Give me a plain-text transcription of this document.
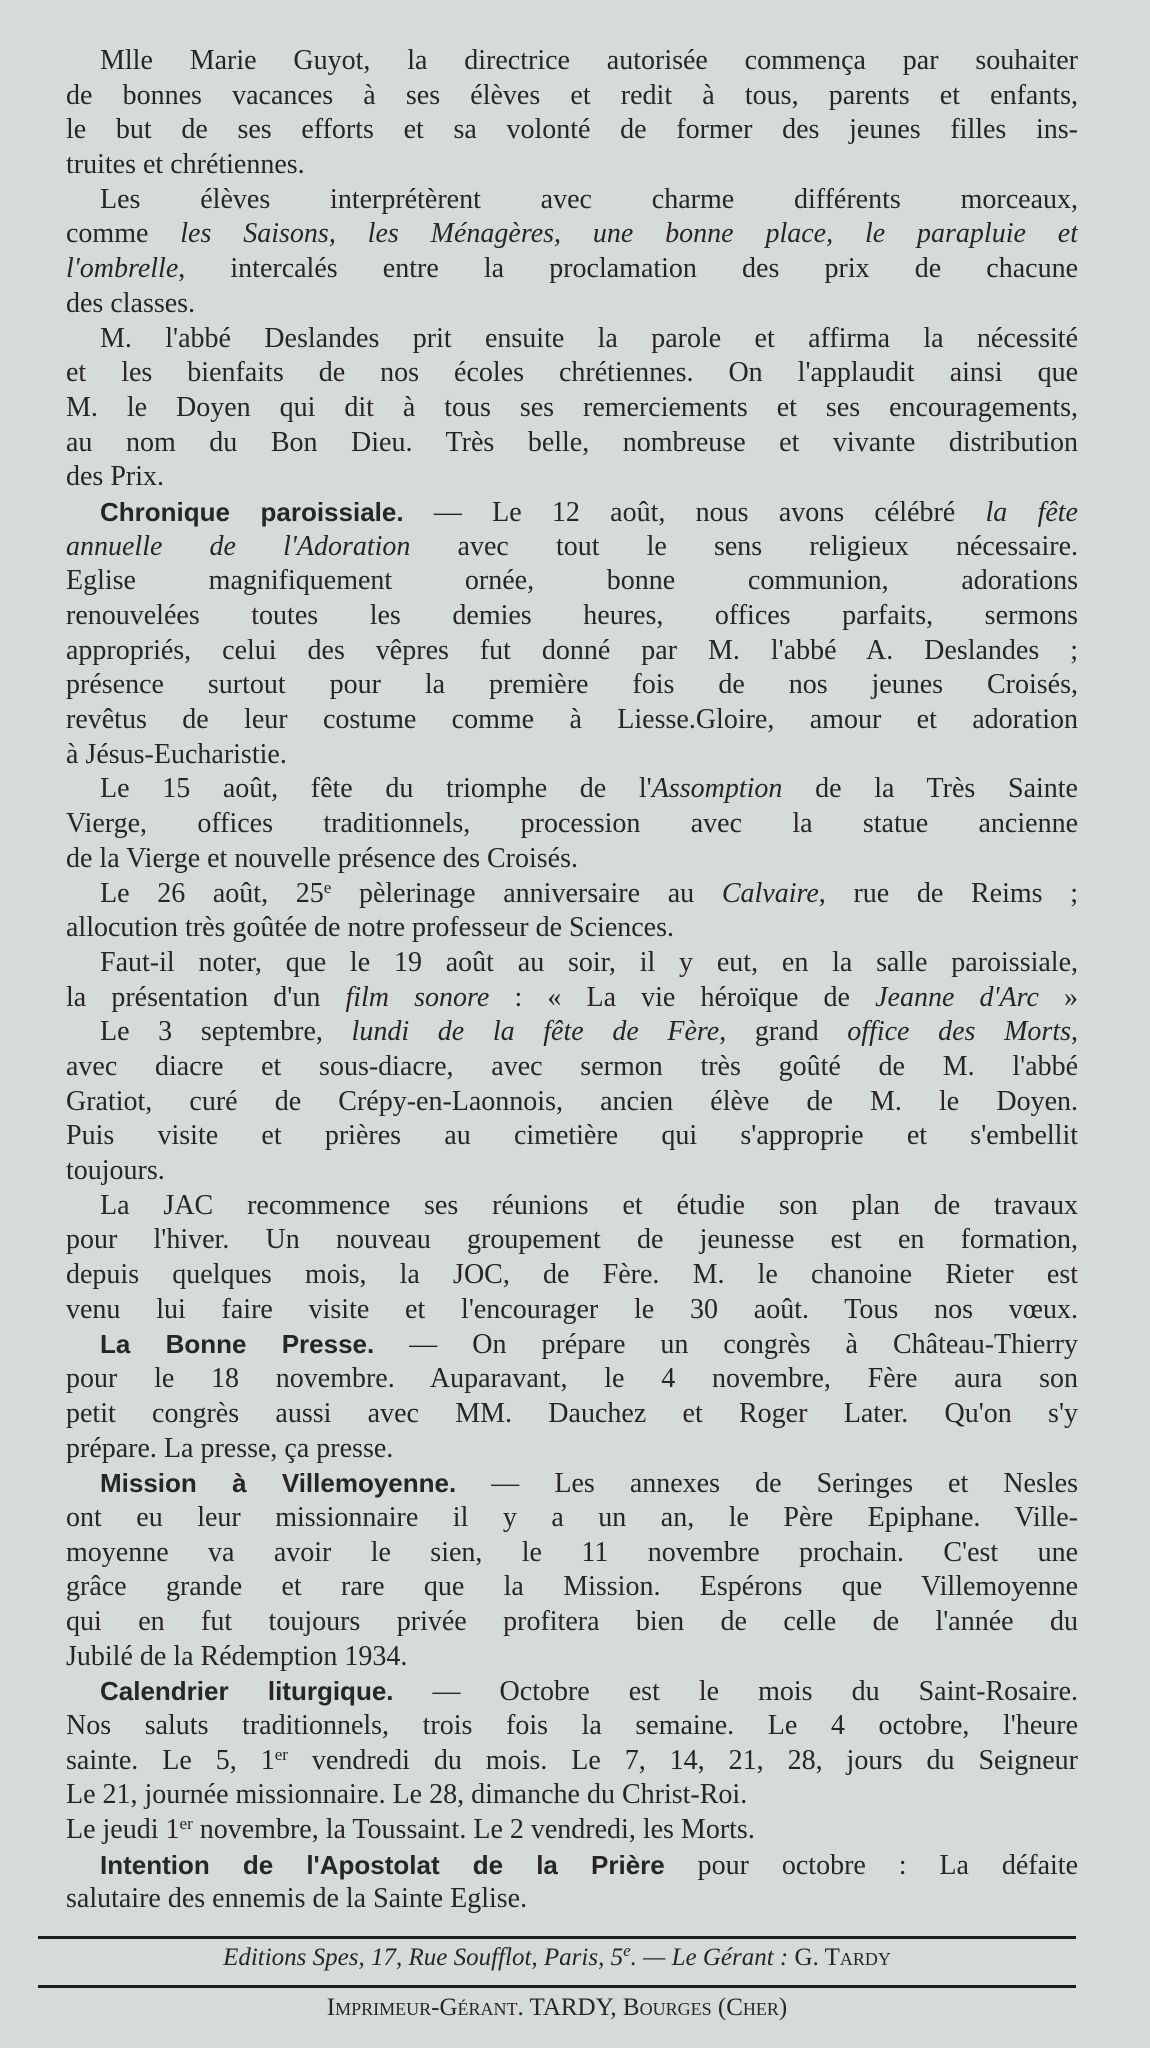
Mlle Marie Guyot, la directrice autorisée commença par souhaiter
de bonnes vacances à ses élèves et redit à tous, parents et enfants,
le but de ses efforts et sa volonté de former des jeunes filles ins-
truites et chrétiennes.
Les élèves interprétèrent avec charme différents morceaux,
comme les Saisons, les Ménagères, une bonne place, le parapluie et
l'ombrelle, intercalés entre la proclamation des prix de chacune
des classes.
M. l'abbé Deslandes prit ensuite la parole et affirma la nécessité
et les bienfaits de nos écoles chrétiennes. On l'applaudit ainsi que
M. le Doyen qui dit à tous ses remerciements et ses encouragements,
au nom du Bon Dieu. Très belle, nombreuse et vivante distribution
des Prix.
Chronique paroissiale. — Le 12 août, nous avons célébré la fête
annuelle de l'Adoration avec tout le sens religieux nécessaire.
Eglise magnifiquement ornée, bonne communion, adorations
renouvelées toutes les demies heures, offices parfaits, sermons
appropriés, celui des vêpres fut donné par M. l'abbé A. Deslandes ;
présence surtout pour la première fois de nos jeunes Croisés,
revêtus de leur costume comme à Liesse.Gloire, amour et adoration
à Jésus-Eucharistie.
Le 15 août, fête du triomphe de l'Assomption de la Très Sainte
Vierge, offices traditionnels, procession avec la statue ancienne
de la Vierge et nouvelle présence des Croisés.
Le 26 août, 25e pèlerinage anniversaire au Calvaire, rue de Reims ;
allocution très goûtée de notre professeur de Sciences.
Faut-il noter, que le 19 août au soir, il y eut, en la salle paroissiale,
la présentation d'un film sonore : « La vie héroïque de Jeanne d'Arc »
Le 3 septembre, lundi de la fête de Fère, grand office des Morts,
avec diacre et sous-diacre, avec sermon très goûté de M. l'abbé
Gratiot, curé de Crépy-en-Laonnois, ancien élève de M. le Doyen.
Puis visite et prières au cimetière qui s'approprie et s'embellit
toujours.
La JAC recommence ses réunions et étudie son plan de travaux
pour l'hiver. Un nouveau groupement de jeunesse est en formation,
depuis quelques mois, la JOC, de Fère. M. le chanoine Rieter est
venu lui faire visite et l'encourager le 30 août. Tous nos vœux.
La Bonne Presse. — On prépare un congrès à Château-Thierry
pour le 18 novembre. Auparavant, le 4 novembre, Fère aura son
petit congrès aussi avec MM. Dauchez et Roger Later. Qu'on s'y
prépare. La presse, ça presse.
Mission à Villemoyenne. — Les annexes de Seringes et Nesles
ont eu leur missionnaire il y a un an, le Père Epiphane. Ville-
moyenne va avoir le sien, le 11 novembre prochain. C'est une
grâce grande et rare que la Mission. Espérons que Villemoyenne
qui en fut toujours privée profitera bien de celle de l'année du
Jubilé de la Rédemption 1934.
Calendrier liturgique. — Octobre est le mois du Saint-Rosaire.
Nos saluts traditionnels, trois fois la semaine. Le 4 octobre, l'heure
sainte. Le 5, 1er vendredi du mois. Le 7, 14, 21, 28, jours du Seigneur
Le 21, journée missionnaire. Le 28, dimanche du Christ-Roi.
Le jeudi 1er novembre, la Toussaint. Le 2 vendredi, les Morts.
Intention de l'Apostolat de la Prière pour octobre : La défaite
salutaire des ennemis de la Sainte Eglise.
Editions Spes, 17, Rue Soufflot, Paris, 5e. — Le Gérant : G. Tardy
Imprimeur-Gérant. TARDY, Bourges (Cher)
